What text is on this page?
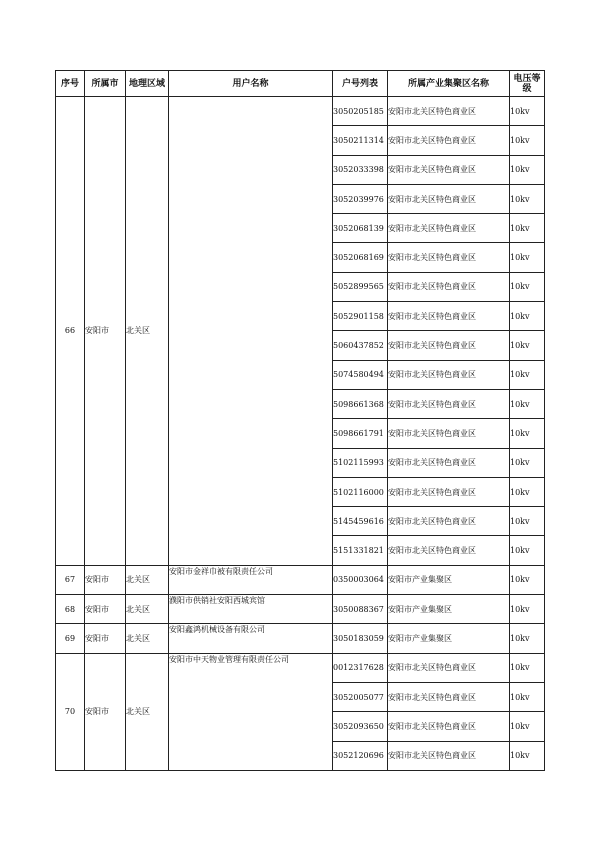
序号	所属市	地理区域	用户名称	户号列表	所属产业集聚区名称	电压等级
66	安阳市	北关区		3050205185	安阳市北关区特色商业区	10kv
				3050211314	安阳市北关区特色商业区	10kv
				3052033398	安阳市北关区特色商业区	10kv
				3052039976	安阳市北关区特色商业区	10kv
				3052068139	安阳市北关区特色商业区	10kv
				3052068169	安阳市北关区特色商业区	10kv
				5052899565	安阳市北关区特色商业区	10kv
				5052901158	安阳市北关区特色商业区	10kv
				5060437852	安阳市北关区特色商业区	10kv
				5074580494	安阳市北关区特色商业区	10kv
				5098661368	安阳市北关区特色商业区	10kv
				5098661791	安阳市北关区特色商业区	10kv
				5102115993	安阳市北关区特色商业区	10kv
				5102116000	安阳市北关区特色商业区	10kv
				5145459616	安阳市北关区特色商业区	10kv
				5151331821	安阳市北关区特色商业区	10kv
67	安阳市	北关区	安阳市金祥巾被有限责任公司	0350003064	安阳市产业集聚区	10kv
68	安阳市	北关区	濮阳市供销社安阳西城宾馆	3050088367	安阳市产业集聚区	10kv
69	安阳市	北关区	安阳鑫鸿机械设备有限公司	3050183059	安阳市产业集聚区	10kv
70	安阳市	北关区	安阳市中天物业管理有限责任公司	0012317628	安阳市北关区特色商业区	10kv
				3052005077	安阳市北关区特色商业区	10kv
				3052093650	安阳市北关区特色商业区	10kv
				3052120696	安阳市北关区特色商业区	10kv
